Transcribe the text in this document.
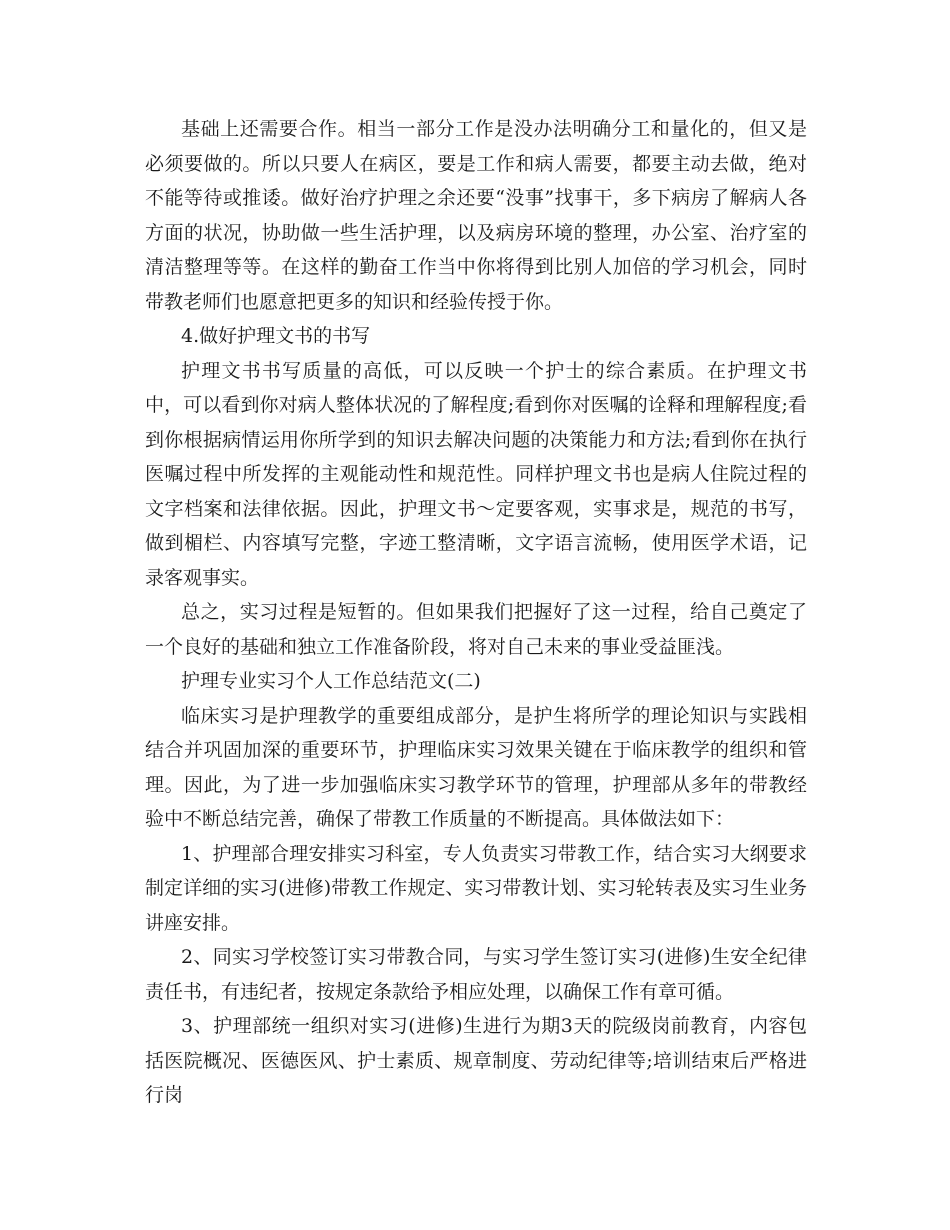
基础上还需要合作。相当一部分工作是没办法明确分工和量化的，但又是必须要做的。所以只要人在病区，要是工作和病人需要，都要主动去做，绝对不能等待或推诿。做好治疗护理之余还要“没事”找事干，多下病房了解病人各方面的状况，协助做一些生活护理，以及病房环境的整理，办公室、治疗室的清洁整理等等。在这样的勤奋工作当中你将得到比别人加倍的学习机会，同时带教老师们也愿意把更多的知识和经验传授于你。

4.做好护理文书的书写

护理文书书写质量的高低，可以反映一个护士的综合素质。在护理文书中，可以看到你对病人整体状况的了解程度;看到你对医嘱的诠释和理解程度;看到你根据病情运用你所学到的知识去解决问题的决策能力和方法;看到你在执行医嘱过程中所发挥的主观能动性和规范性。同样护理文书也是病人住院过程的文字档案和法律依据。因此，护理文书～定要客观，实事求是，规范的书写，做到楣栏、内容填写完整，字迹工整清晰，文字语言流畅，使用医学术语，记录客观事实。

总之，实习过程是短暂的。但如果我们把握好了这一过程，给自己奠定了一个良好的基础和独立工作准备阶段，将对自己未来的事业受益匪浅。

护理专业实习个人工作总结范文(二)

临床实习是护理教学的重要组成部分，是护生将所学的理论知识与实践相结合并巩固加深的重要环节，护理临床实习效果关键在于临床教学的组织和管理。因此，为了进一步加强临床实习教学环节的管理，护理部从多年的带教经验中不断总结完善，确保了带教工作质量的不断提高。具体做法如下：

1、护理部合理安排实习科室，专人负责实习带教工作，结合实习大纲要求制定详细的实习(进修)带教工作规定、实习带教计划、实习轮转表及实习生业务讲座安排。

2、同实习学校签订实习带教合同，与实习学生签订实习(进修)生安全纪律责任书，有违纪者，按规定条款给予相应处理，以确保工作有章可循。

3、护理部统一组织对实习(进修)生进行为期3天的院级岗前教育，内容包括医院概况、医德医风、护士素质、规章制度、劳动纪律等;培训结束后严格进行岗
